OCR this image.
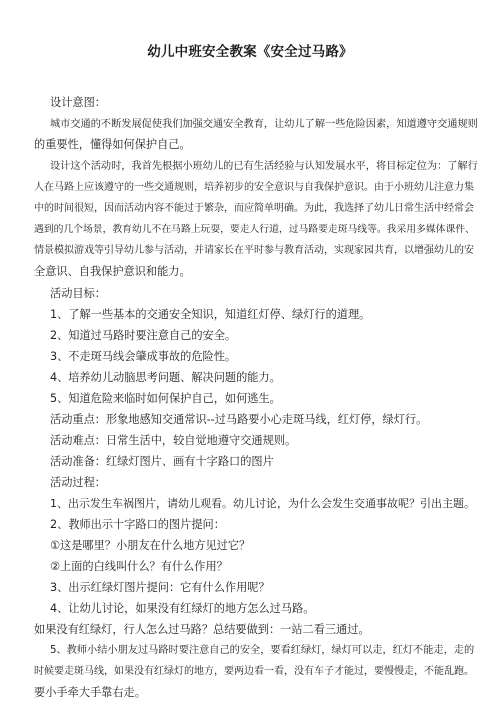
幼儿中班安全教案《安全过马路》
设计意图：
城市交通的不断发展促使我们加强交通安全教育，让幼儿了解一些危险因素，知道遵守交通规则
的重要性，懂得如何保护自己。
设计这个活动时，我首先根据小班幼儿的已有生活经验与认知发展水平，将目标定位为：了解行
人在马路上应该遵守的一些交通规则，培养初步的安全意识与自我保护意识。由于小班幼儿注意力集
中的时间很短，因而活动内容不能过于繁杂，而应简单明确。为此，我选择了幼儿日常生活中经常会
遇到的几个场景，教育幼儿不在马路上玩耍，要走人行道，过马路要走斑马线等。我采用多媒体课件、
情景模拟游戏等引导幼儿参与活动，并请家长在平时参与教育活动，实现家园共育，以增强幼儿的安
全意识、自我保护意识和能力。
活动目标：
1、了解一些基本的交通安全知识，知道红灯停、绿灯行的道理。
2、知道过马路时要注意自己的安全。
3、不走斑马线会肇成事故的危险性。
4、培养幼儿动脑思考问题、解决问题的能力。
5、知道危险来临时如何保护自己，如何逃生。
活动重点：形象地感知交通常识--过马路要小心走斑马线，红灯停，绿灯行。
活动难点：日常生活中，较自觉地遵守交通规则。
活动准备：红绿灯图片、画有十字路口的图片
活动过程：
1、出示发生车祸图片，请幼儿观看。幼儿讨论，为什么会发生交通事故呢？引出主题。
2、教师出示十字路口的图片提问：
①这是哪里？小朋友在什么地方见过它？
②上面的白线叫什么？有什么作用？
3、出示红绿灯图片提问：它有什么作用呢？
4、让幼儿讨论，如果没有红绿灯的地方怎么过马路。
如果没有红绿灯，行人怎么过马路？总结要做到：一站二看三通过。
5、教师小结小朋友过马路时要注意自己的安全，要看红绿灯，绿灯可以走，红灯不能走，走的
时候要走斑马线，如果没有红绿灯的地方，要两边看一看，没有车子才能过，要慢慢走，不能乱跑。
要小手牵大手靠右走。
